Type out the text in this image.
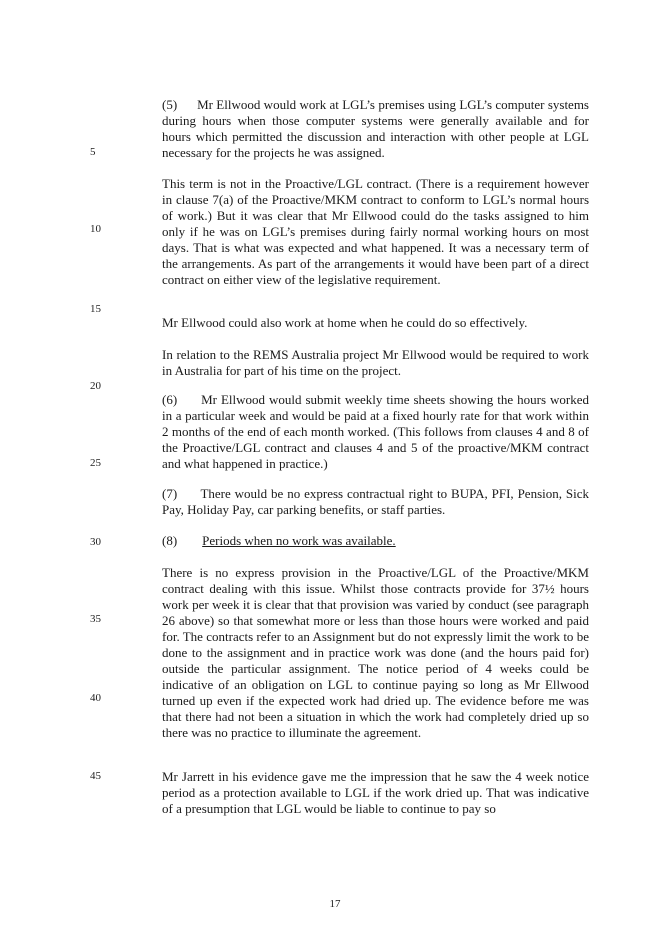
5
10
15
20
25
30
35
40
45

(5)      Mr Ellwood would work at LGL’s premises using LGL’s computer systems during hours when those computer systems were generally available and for hours which permitted the discussion and interaction with other people at LGL necessary for the projects he was assigned.

This term is not in the Proactive/LGL contract. (There is a requirement however in clause 7(a) of the Proactive/MKM contract to conform to LGL’s normal hours of work.) But it was clear that Mr Ellwood could do the tasks assigned to him only if he was on LGL’s premises during fairly normal working hours on most days. That is what was expected and what happened. It was a necessary term of the arrangements. As part of the arrangements it would have been part of a direct contract on either view of the legislative requirement.

Mr Ellwood could also work at home when he could do so effectively.

In relation to the REMS Australia project Mr Ellwood would be required to work in Australia for part of his time on the project.

(6)      Mr Ellwood would submit weekly time sheets showing the hours worked in a particular week and would be paid at a fixed hourly rate for that work within 2 months of the end of each month worked. (This follows from clauses 4 and 8 of the Proactive/LGL contract and clauses 4 and 5 of the proactive/MKM contract and what happened in practice.)

(7)      There would be no express contractual right to BUPA, PFI, Pension, Sick Pay, Holiday Pay, car parking benefits, or staff parties.

(8) Periods when no work was available.

There is no express provision in the Proactive/LGL of the Proactive/MKM contract dealing with this issue. Whilst those contracts provide for 37½ hours work per week it is clear that that provision was varied by conduct (see paragraph 26 above) so that somewhat more or less than those hours were worked and paid for. The contracts refer to an Assignment but do not expressly limit the work to be done to the assignment and in practice work was done (and the hours paid for) outside the particular assignment. The notice period of 4 weeks could be indicative of an obligation on LGL to continue paying so long as Mr Ellwood turned up even if the expected work had dried up. The evidence before me was that there had not been a situation in which the work had completely dried up so there was no practice to illuminate the agreement.

Mr Jarrett in his evidence gave me the impression that he saw the 4 week notice period as a protection available to LGL if the work dried up. That was indicative of a presumption that LGL would be liable to continue to pay so

17
